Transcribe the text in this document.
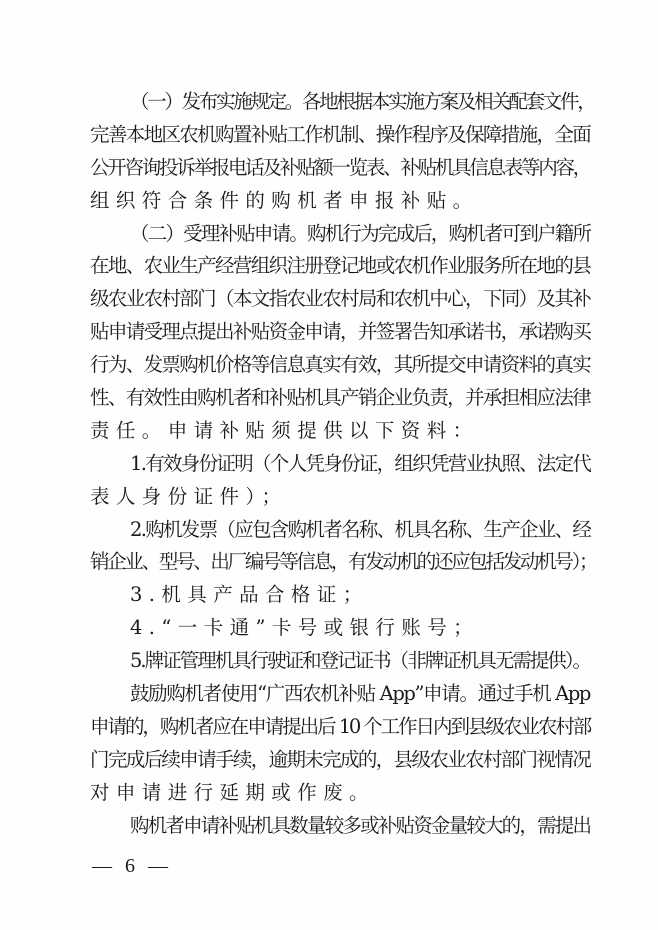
（一）发布实施规定。各地根据本实施方案及相关配套文件，
完善本地区农机购置补贴工作机制、操作程序及保障措施，全面
公开咨询投诉举报电话及补贴额一览表、补贴机具信息表等内容，
组织符合条件的购机者申报补贴。
（二）受理补贴申请。购机行为完成后，购机者可到户籍所
在地、农业生产经营组织注册登记地或农机作业服务所在地的县
级农业农村部门（本文指农业农村局和农机中心，下同）及其补
贴申请受理点提出补贴资金申请，并签署告知承诺书，承诺购买
行为、发票购机价格等信息真实有效，其所提交申请资料的真实
性、有效性由购机者和补贴机具产销企业负责，并承担相应法律
责任。申请补贴须提供以下资料：
1.有效身份证明（个人凭身份证，组织凭营业执照、法定代
表人身份证件）；
2.购机发票（应包含购机者名称、机具名称、生产企业、经
销企业、型号、出厂编号等信息，有发动机的还应包括发动机号）；
3.机具产品合格证；
4.“一卡通”卡号或银行账号；
5.牌证管理机具行驶证和登记证书（非牌证机具无需提供）。
鼓励购机者使用“广西农机补贴 App”申请。通过手机 App
申请的，购机者应在申请提出后 10 个工作日内到县级农业农村部
门完成后续申请手续，逾期未完成的，县级农业农村部门视情况
对申请进行延期或作废。
购机者申请补贴机具数量较多或补贴资金量较大的，需提出
— 6 —
